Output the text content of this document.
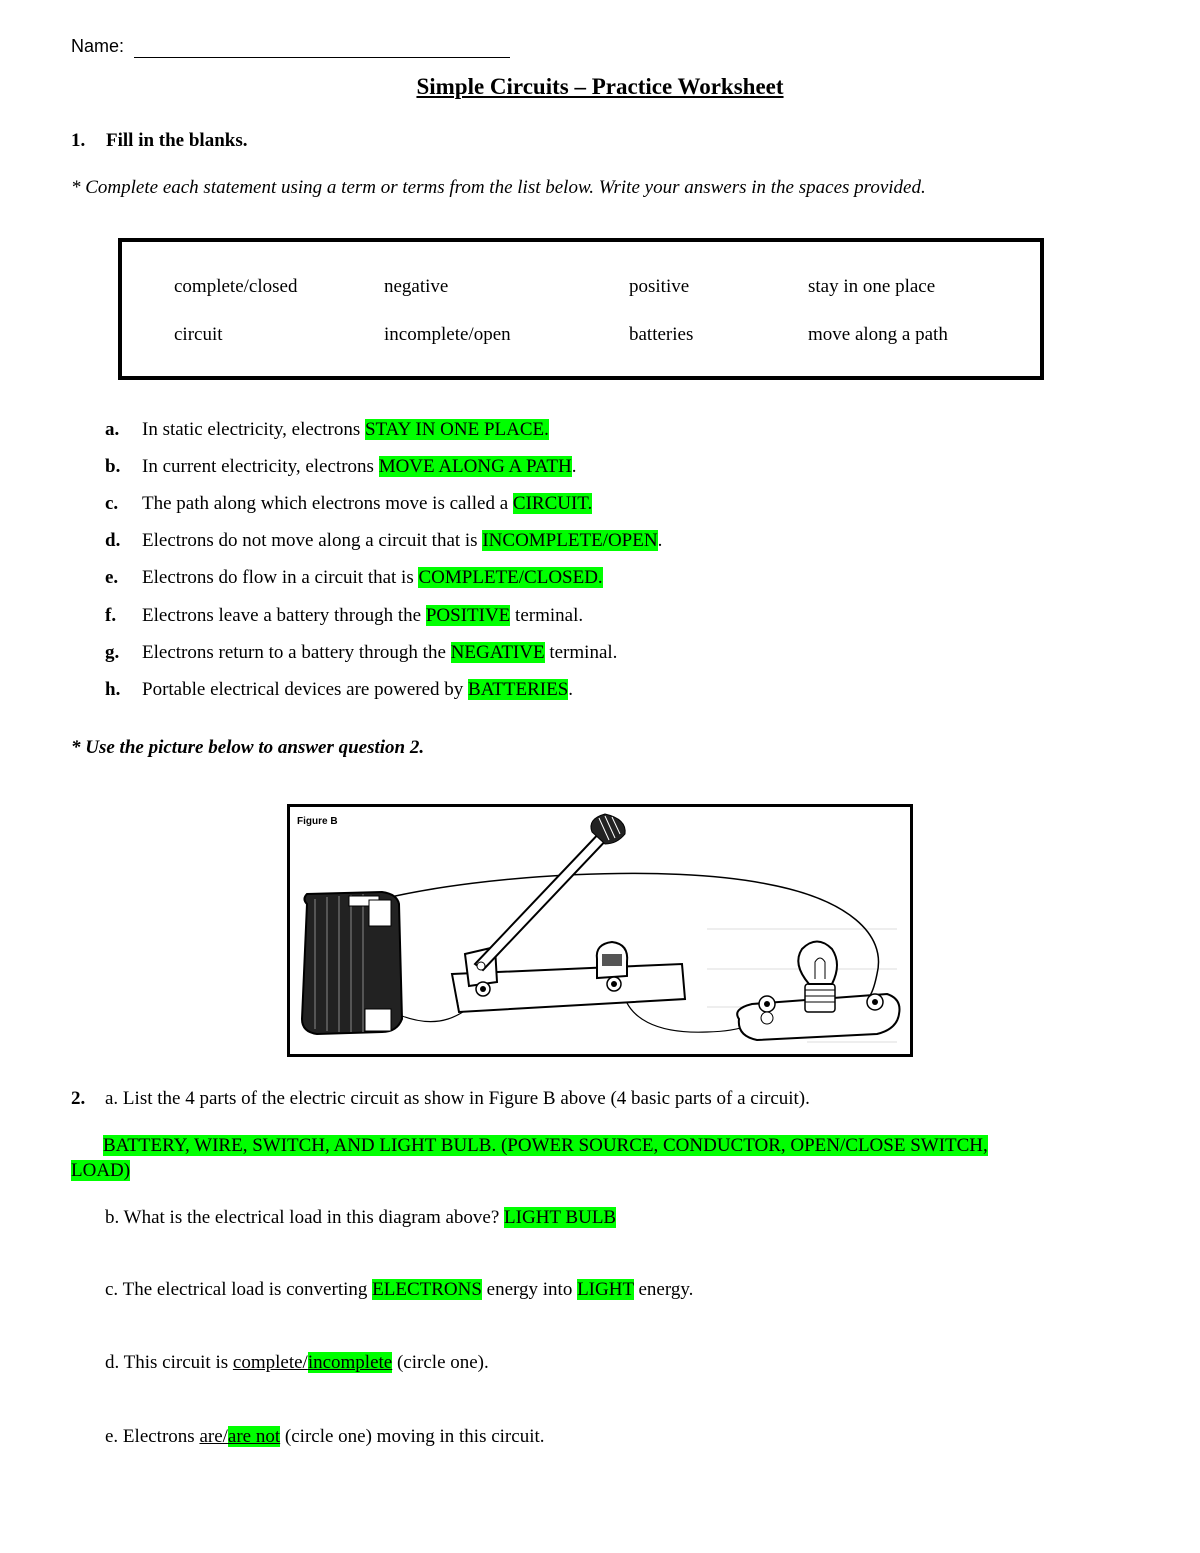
Name:
Simple Circuits – Practice Worksheet
1. Fill in the blanks.
* Complete each statement using a term or terms from the list below. Write your answers in the spaces provided.
complete/closed	negative	positive	stay in one place
circuit	incomplete/open	batteries	move along a path
a. In static electricity, electrons STAY IN ONE PLACE.
b. In current electricity, electrons MOVE ALONG A PATH.
c. The path along which electrons move is called a CIRCUIT.
d. Electrons do not move along a circuit that is INCOMPLETE/OPEN.
e. Electrons do flow in a circuit that is COMPLETE/CLOSED.
f. Electrons leave a battery through the POSITIVE terminal.
g. Electrons return to a battery through the NEGATIVE terminal.
h. Portable electrical devices are powered by BATTERIES.
* Use the picture below to answer question 2.
Figure B
2. a. List the 4 parts of the electric circuit as show in Figure B above (4 basic parts of a circuit).
BATTERY, WIRE, SWITCH, AND LIGHT BULB. (POWER SOURCE, CONDUCTOR, OPEN/CLOSE SWITCH,
LOAD)
b. What is the electrical load in this diagram above? LIGHT BULB
c. The electrical load is converting ELECTRONS energy into LIGHT energy.
d. This circuit is complete/incomplete (circle one).
e. Electrons are/are not (circle one) moving in this circuit.
